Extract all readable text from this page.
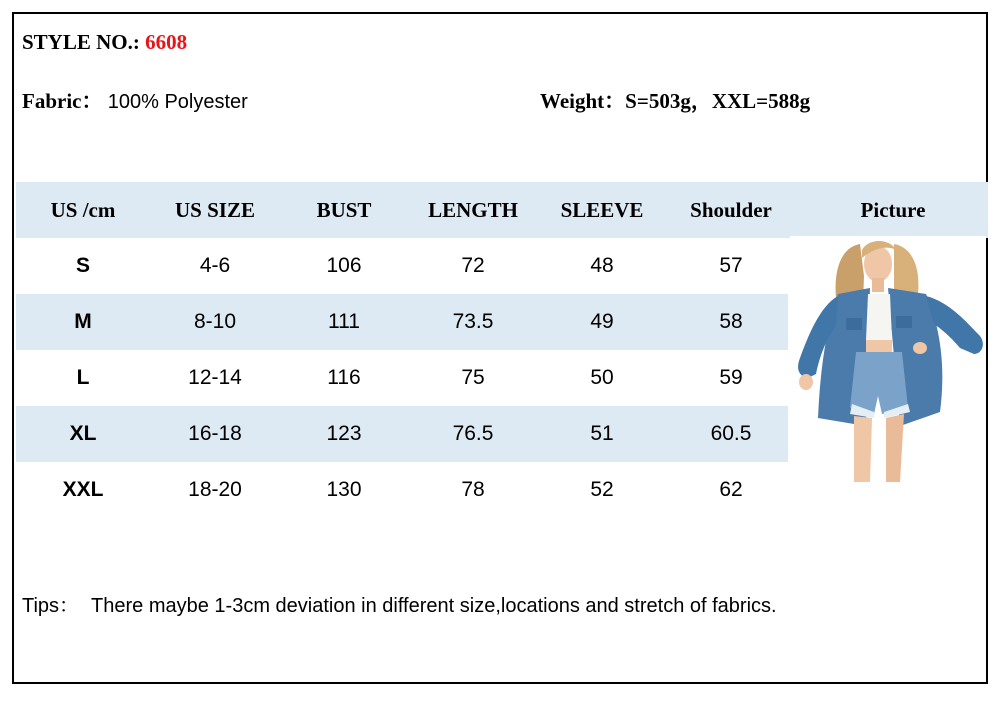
STYLE NO.: 6608
Fabric： 100% Polyester	Weight：S=503g，XXL=588g
US /cm	US SIZE	BUST	LENGTH	SLEEVE	Shoulder	Picture
S	4-6	106	72	48	57
M	8-10	111	73.5	49	58
L	12-14	116	75	50	59
XL	16-18	123	76.5	51	60.5
XXL	18-20	130	78	52	62
Tips： There maybe 1-3cm deviation in different size,locations and stretch of fabrics.
